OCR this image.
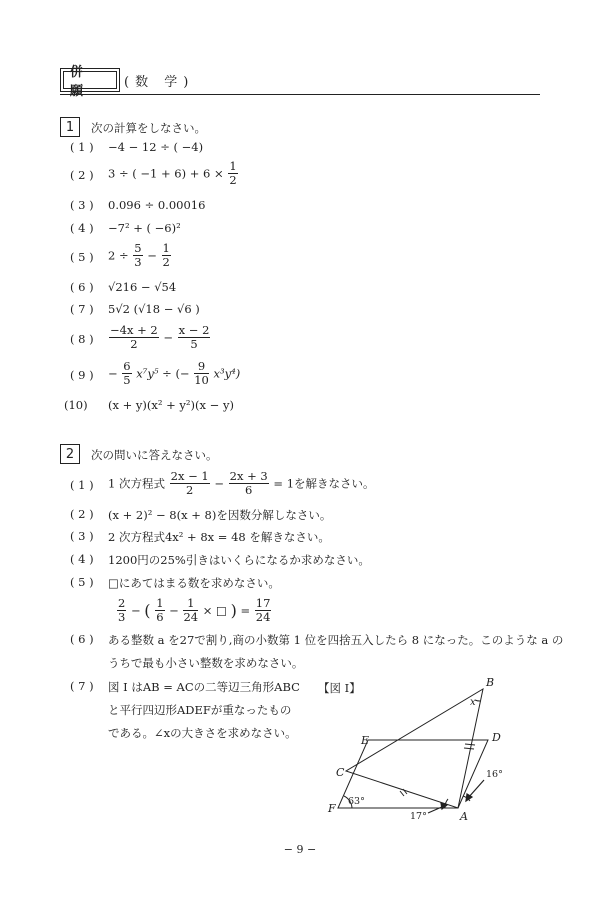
併 願
(数 学)
1	次の計算をしなさい。
( 1 )	−4 − 12 ÷ ( −4)
( 2 )	3 ÷ ( $-1 + 6) + 6 \times \frac{1}{2}$
( 3 )	0.096 ÷ 0.00016
( 4 )	−7² + ( −6)²
( 5 )	$2 \div \frac{5}{3} - \frac{1}{2}$
( 6 )	√216 − √54
( 7 )	5√2 (√18 − √6 )
( 8 )	$\frac{-4x + 2}{2} - \frac{x - 2}{5}$
( 9 )	− $\frac{6}{5} x^7y^5$ ÷ (− $\frac{9}{10} x^3y^4$)
(10)	(x + y)(x² + y²)(x − y)
2	次の問いに答えなさい。
( 1 )	1 次方程式 $\frac{2x - 1}{2} - \frac{2x + 3}{6} = 1$を解きなさい。
( 2 )	(x + 2)² − 8(x + 8)を因数分解しなさい。
( 3 )	2 次方程式4x² + 8x = 48 を解きなさい。
( 4 )	1200円の25%引きはいくらになるか求めなさい。
( 5 )	□にあてはまる数を求めなさい。
$\frac{2}{3}$ − ( $\frac{1}{6} - \frac{1}{24}$ × □ ) = $\frac{17}{24}$
( 6 )	ある整数 a を27で割り,商の小数第 1 位を四捨五入したら 8 になった。このような a の
うちで最も小さい整数を求めなさい。
( 7 )	図 I はAB = ACの二等辺三角形ABC
と平行四辺形ADEFが重なったもの
である。∠xの大きさを求めなさい。
【図 I】	B
x
E	D
C
F
A
63°
16°
17°
− 9 −
